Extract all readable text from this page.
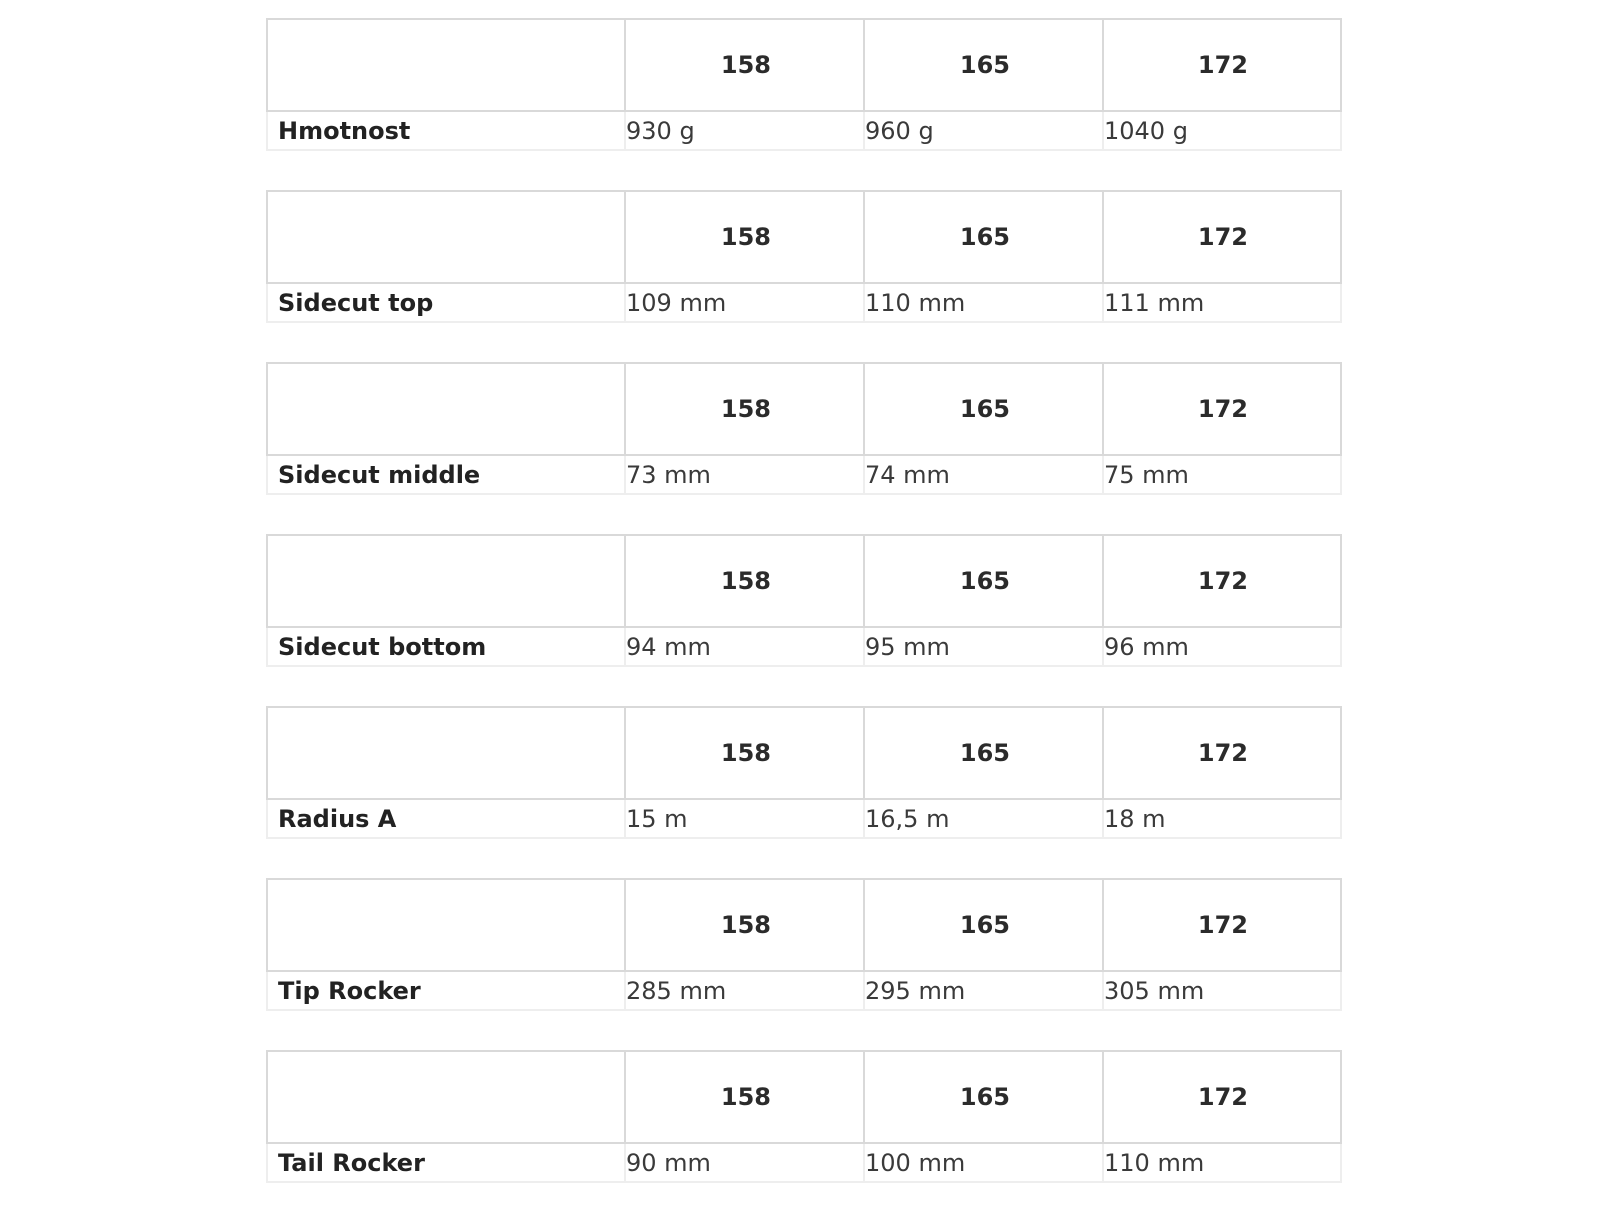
	158	165	172
Hmotnost	930 g	960 g	1040 g
	158	165	172
Sidecut top	109 mm	110 mm	111 mm
	158	165	172
Sidecut middle	73 mm	74 mm	75 mm
	158	165	172
Sidecut bottom	94 mm	95 mm	96 mm
	158	165	172
Radius A	15 m	16,5 m	18 m
	158	165	172
Tip Rocker	285 mm	295 mm	305 mm
	158	165	172
Tail Rocker	90 mm	100 mm	110 mm
